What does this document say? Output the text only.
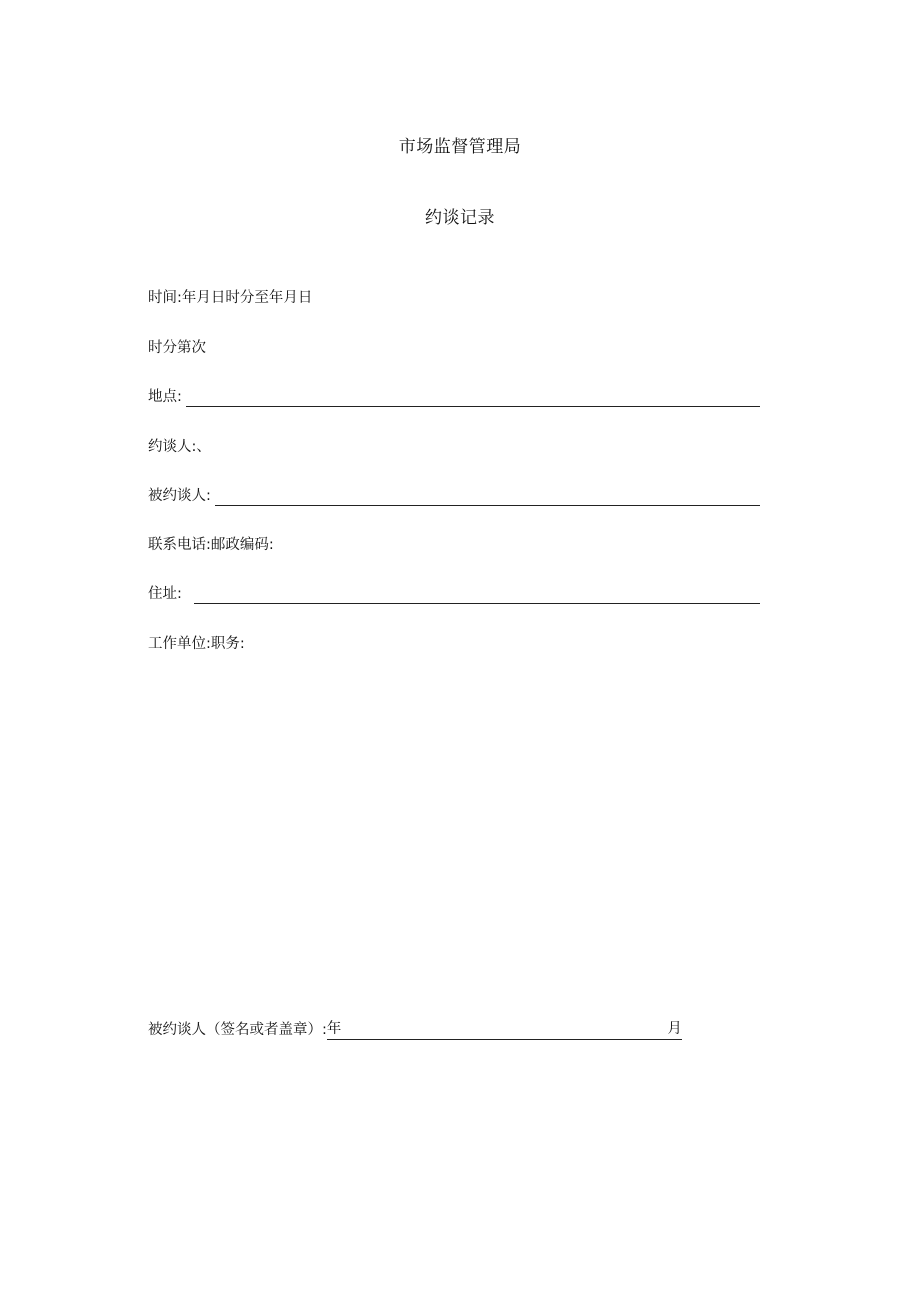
市场监督管理局
约谈记录
时间:年月日时分至年月日
时分第次
地点:
约谈人:、
被约谈人:
联系电话:邮政编码:
住址:
工作单位:职务:
被约谈人（签名或者盖章）: 年	月
